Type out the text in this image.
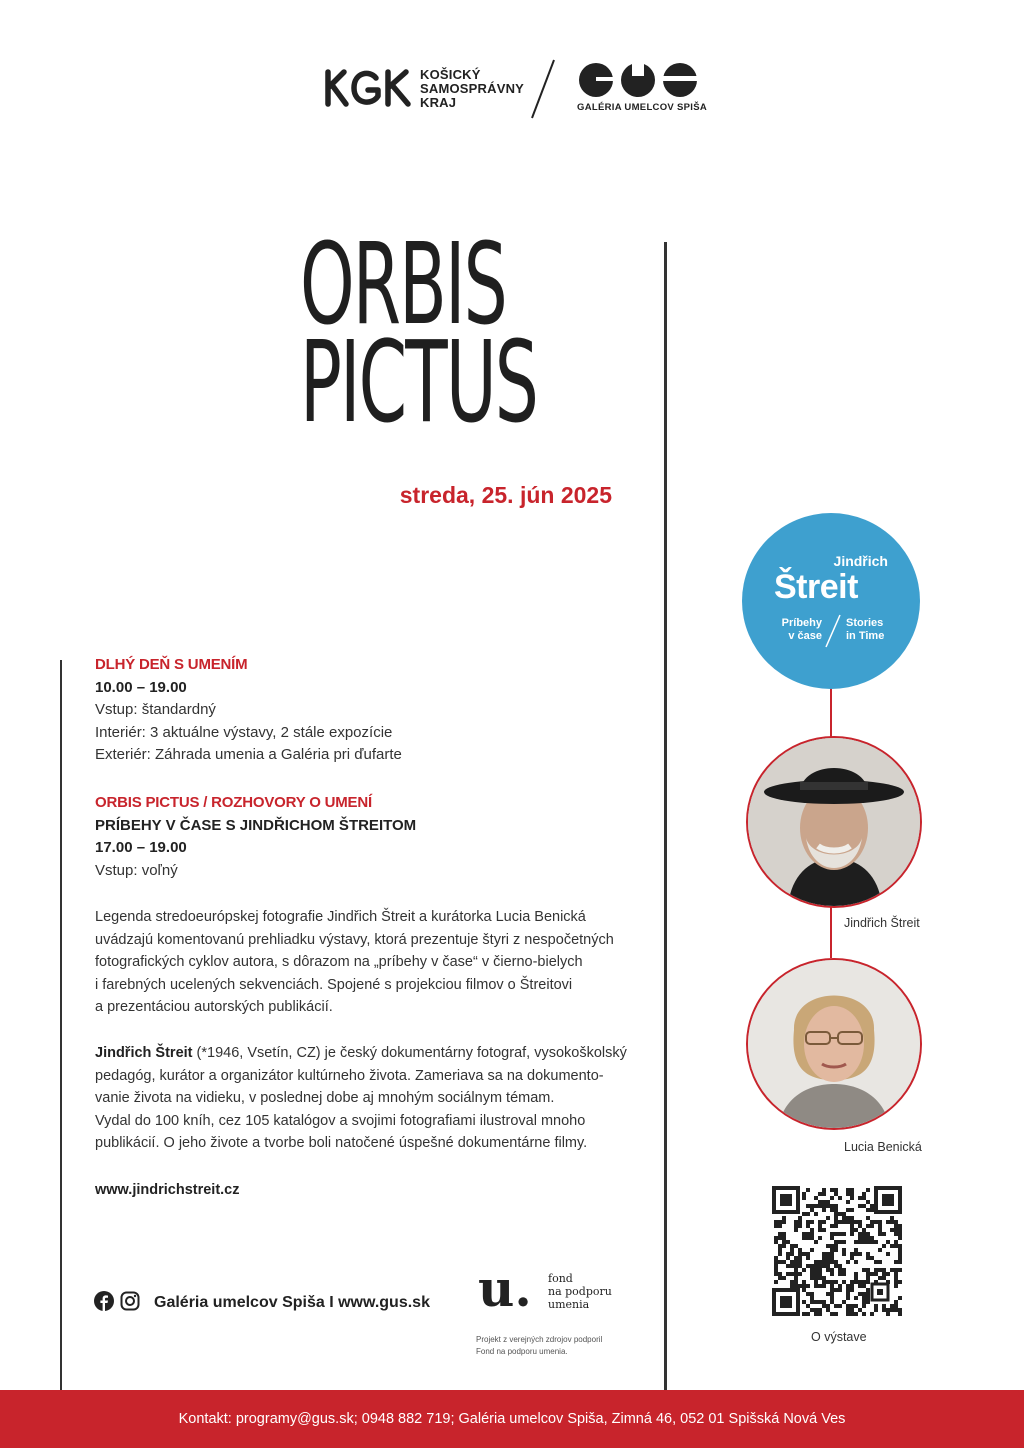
KOŠICKÝ
SAMOSPRÁVNY
KRAJ	GALÉRIA UMELCOV SPIŠA
ORBIS
PICTUS
streda, 25. jún 2025
DLHÝ DEŇ S UMENÍM
10.00 – 19.00
Vstup: štandardný
Interiér: 3 aktuálne výstavy, 2 stále expozície
Exteriér: Záhrada umenia a Galéria pri ďufarte
ORBIS PICTUS / ROZHOVORY O UMENÍ
PRÍBEHY V ČASE S JINDŘICHOM ŠTREITOM
17.00 – 19.00
Vstup: voľný
Legenda stredoeurópskej fotografie Jindřich Štreit a kurátorka Lucia Benická
uvádzajú komentovanú prehliadku výstavy, ktorá prezentuje štyri z nespočetných
fotografických cyklov autora, s dôrazom na „príbehy v čase“ v čierno-bielych
i farebných ucelených sekvenciách. Spojené s projekciou filmov o Štreitovi
a prezentáciou autorských publikácií.
Jindřich Štreit (*1946, Vsetín, CZ) je český dokumentárny fotograf, vysokoškolský
pedagóg, kurátor a organizátor kultúrneho života. Zameriava sa na dokumento-
vanie života na vidieku, v poslednej dobe aj mnohým sociálnym témam.
Vydal do 100 kníh, cez 105 katalógov a svojimi fotografiami ilustroval mnoho
publikácií. O jeho živote a tvorbe boli natočené úspešné dokumentárne filmy.
www.jindrichstreit.cz
Galéria umelcov Spiša I www.gus.sk u. fond
na podporu
umenia
Projekt z verejných zdrojov podporil
Fond na podporu umenia.
Jindřich
Štreit
Príbehy
v čase
Stories
in Time
Jindřich Štreit
Lucia Benická
O výstave
Kontakt: programy@gus.sk; 0948 882 719; Galéria umelcov Spiša, Zimná 46, 052 01 Spišská Nová Ves
